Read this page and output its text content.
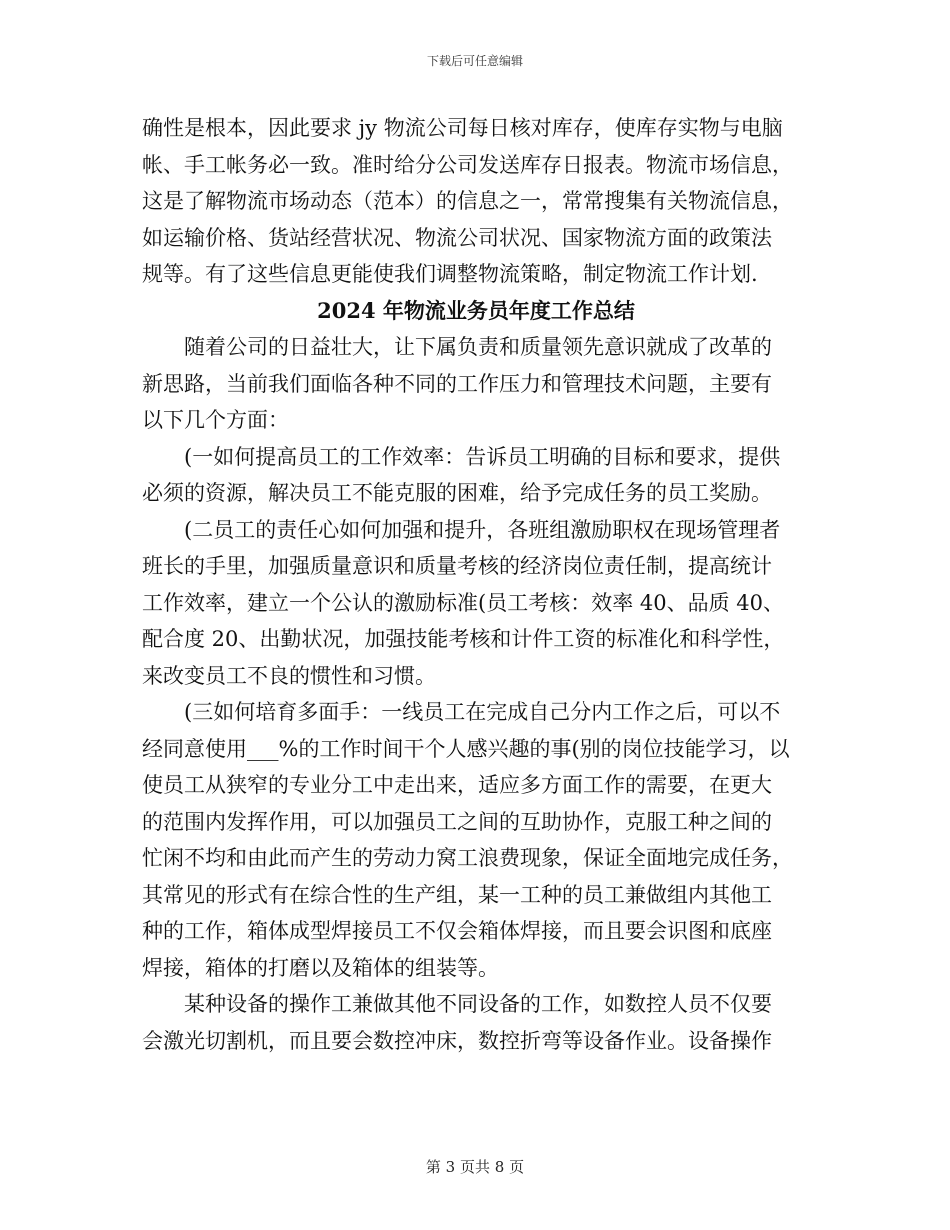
下载后可任意编辑

确性是根本，因此要求 jy 物流公司每日核对库存，使库存实物与电脑
帐、手工帐务必一致。准时给分公司发送库存日报表。物流市场信息，
这是了解物流市场动态（范本）的信息之一，常常搜集有关物流信息，
如运输价格、货站经营状况、物流公司状况、国家物流方面的政策法
规等。有了这些信息更能使我们调整物流策略，制定物流工作计划.

2024 年物流业务员年度工作总结

随着公司的日益壮大，让下属负责和质量领先意识就成了改革的
新思路，当前我们面临各种不同的工作压力和管理技术问题，主要有
以下几个方面：

(一如何提高员工的工作效率：告诉员工明确的目标和要求，提供
必须的资源，解决员工不能克服的困难，给予完成任务的员工奖励。

(二员工的责任心如何加强和提升，各班组激励职权在现场管理者
班长的手里，加强质量意识和质量考核的经济岗位责任制，提高统计
工作效率，建立一个公认的激励标准(员工考核：效率 40、品质 40、
配合度 20、出勤状况，加强技能考核和计件工资的标准化和科学性，
来改变员工不良的惯性和习惯。

(三如何培育多面手：一线员工在完成自己分内工作之后，可以不
经同意使用___%的工作时间干个人感兴趣的事(别的岗位技能学习，以
使员工从狭窄的专业分工中走出来，适应多方面工作的需要，在更大
的范围内发挥作用，可以加强员工之间的互助协作，克服工种之间的
忙闲不均和由此而产生的劳动力窝工浪费现象，保证全面地完成任务，
其常见的形式有在综合性的生产组，某一工种的员工兼做组内其他工
种的工作，箱体成型焊接员工不仅会箱体焊接，而且要会识图和底座
焊接，箱体的打磨以及箱体的组装等。

某种设备的操作工兼做其他不同设备的工作，如数控人员不仅要
会激光切割机，而且要会数控冲床，数控折弯等设备作业。设备操作

第 3 页共 8 页
